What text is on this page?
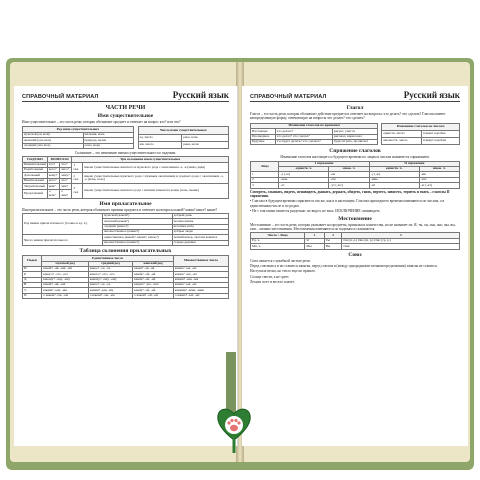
СПРАВОЧНЫЙ МАТЕРИАЛ	Русский язык
ЧАСТИ РЕЧИ
Имя существительное
Имя существительное – это часть речи, которая обозначает предмет и отвечает на вопрос кто? или что?
Род имен существительных	
мужской (он мой)	мальчик, конь
женский (она моя)	природа, вечна
средний (оно мое)	окно, море
Число имен существительных	
ед. число	река, ночь
мн. число	реки, ночи
Склонение – это изменение имени существительного по падежам.
ПАДЕЖИ	ВОПРОСЫ		Три склонения имен существительных	
Именительный	кто?	что?	1 скл.	имена существительные женского и мужского рода с окончанием -а, -я (мама, дядя)
Родительный	кого?	чего?		
Дательный	кому?	чему?	2 скл.	имена существительные мужского рода с нулевым окончанием и среднего рода с окончанием -о, -е (конь, поле)
Винительный	кого?	что?		
Творительный	кем?	чем?	3 скл.	имена существительные женского рода с мягким знаком на конце (ночь, мышь)
Предложный	о ком?	о чем?		
Имя прилагательное
Имя прилагательное – это часть речи, которая обозначает признак предмета и отвечает на вопросы какой? какая? какое? какие?
Род имени прилагательного (только в ед. ч.)	мужской (какой?)	добрый день
	женский (какая?)	ночная жизнь
	средний (какое?)	весеннее небо
	множественное (какие?)	добрые люди
Число имени прилагательного	единственное (какой?, какая?, какое?)	летний вечер, светлая комната
	множественное (какие?)	старые деревья
Таблица склонения прилагательных
Падеж	Единственное число			Множественное число
	мужской род	средний род	женский род	
И.	какой? -ой, -ый, -ий	какое? -ое, -ее	какая? -ая, -яя	какие? -ые, -ие
Р.	какого? -ого, -его	какого? -ого, -его	какой? -ой, -ей	каких? -ых, -их
Д.	какому? -ому, -ему	какому? -ому, -ему	какой? -ой, -ей	каким? -ым, -им
В.	какой? -ой, -ый	какое? -ое, -ее	какую? -ую, -юю	какие? -ые, -ие
Т.	каким? -ым, -им	каким? -ым, -им	какой? -ой, -ей	какими? -ыми, -ими
П.	о каком? -ом, -ем	о каком? -ом, -ем	о какой? -ой, -ей	о каких? -ых, -их
СПРАВОЧНЫЙ МАТЕРИАЛ	Русский язык
Глагол
Глагол – это часть речи, которая обозначает действие предмета и отвечает на вопросы: что делать? что сделать? Глаголы имеют неопределенную форму, отвечающую на вопросы что делать? что сделать?
Изменение глаголов по временам		
Настоящее	что делает?	рисует, учится
Прошедшее	что делал? что сделал?	рисовал, нарисовал
Будущее	что будет делать? что сделает?	будет играть, прочитает
Изменение глаголов по числам	
единств. число	плывет корабль
множеств. число	плывут корабли
Спряжение глаголов
Изменение глаголов настоящего и будущего времени по лицам и числам называется спряжением.
Лицо	I спряжение		II спряжение	
	единств. ч.	множ. ч.	единств. ч.	множ. ч.
1	-у (-ю)	-ем	-у (-ю)	-им
2	-ешь	-ете	-ишь	-ите
3	-ет	-ут (-ют)	-ит	-ат (-ят)
Смотреть, слышать, видеть, ненавидеть, дышать, держать, обидеть, гнать, вертеть, зависеть, терпеть и гнать – глаголы II спряжения.
• Глаголы в будущем времени спрягаются так же, как и в настоящем. Глаголы прошедшего времени изменяются по числам, а в единственном числе и по родам.
• Не с глаголами пишется раздельно: не видел, не знал. ИСКЛЮЧЕНИЕ: ненавидеть
Местоимение
Местоимение – это часть речи, которая указывает на предметы, признаки и количества, но не называет их. Я, ты, он, она, оно, мы, вы, они – личные местоимения. Местоимения изменяются по падежам и склоняются.
Число \ Лицо	1	2	3
Ед. ч.	Я	Ты	Он (м. р.) Она (ж. р.) Оно (ср. р.)
Мн. ч.	Мы	Вы	Они
Союз
Союз является служебной частью речи.
Перед союзами а и но ставится запятая, перед союзом и (между однородными членами предложения) запятая не ставится.
Наступила весна, но тепло еще не пришло.
Солнце светит, а не греет.
Леонит поет и весело плачет.
